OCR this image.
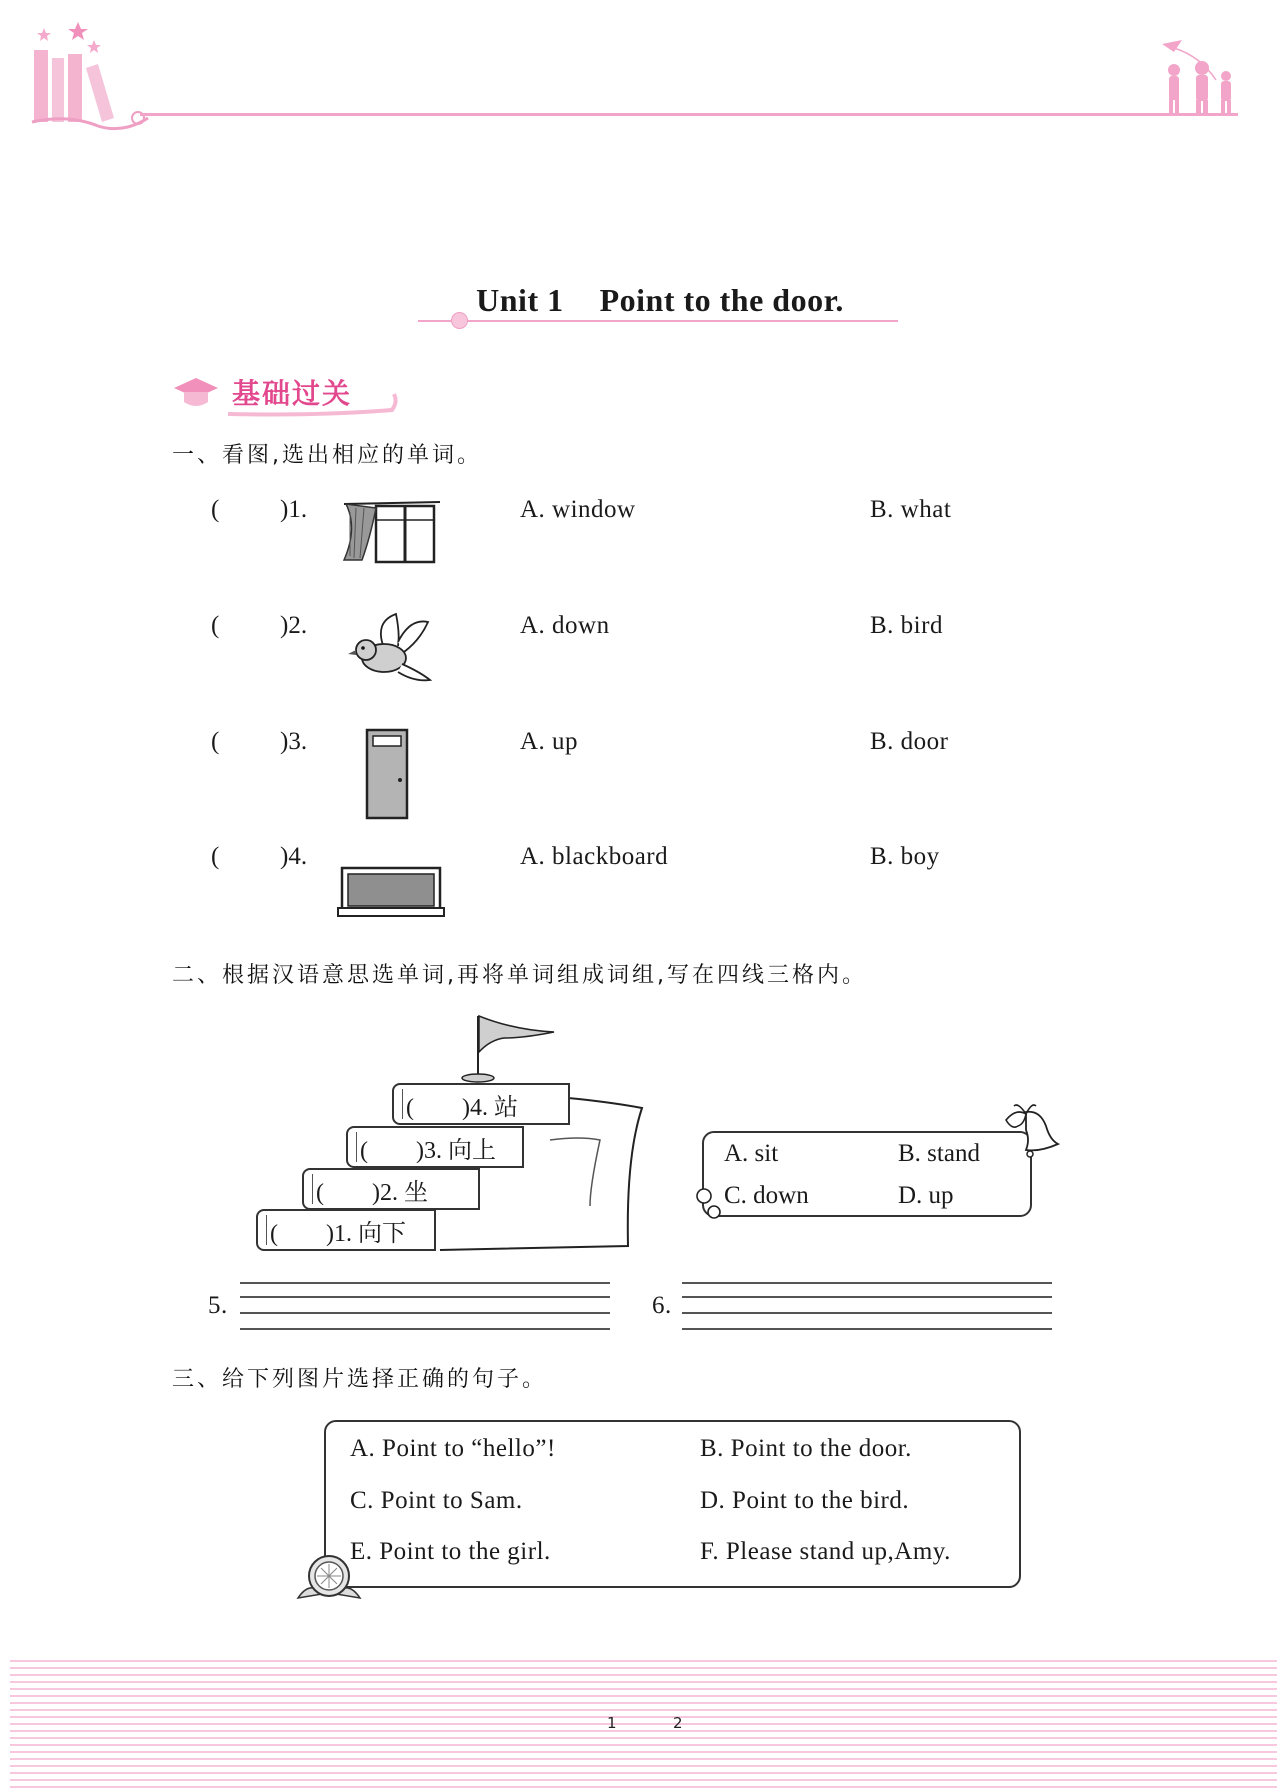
Unit 1 Point to the door.
基础过关
一、看图,选出相应的单词。
( )1.	A. window	B. what
( )2.	A. down	B. bird
( )3.	A. up	B. door
( )4.	A. blackboard	B. boy
二、根据汉语意思选单词,再将单词组成词组,写在四线三格内。
(　　)4. 站
(　　)3. 向上
(　　)2. 坐
(　　)1. 向下
A. sit	B. stand
C. down	D. up
5.	6.
三、给下列图片选择正确的句子。
A. Point to “hello”!	B. Point to the door.
C. Point to Sam.	D. Point to the bird.
E. Point to the girl.	F. Please stand up,Amy.
1	2
